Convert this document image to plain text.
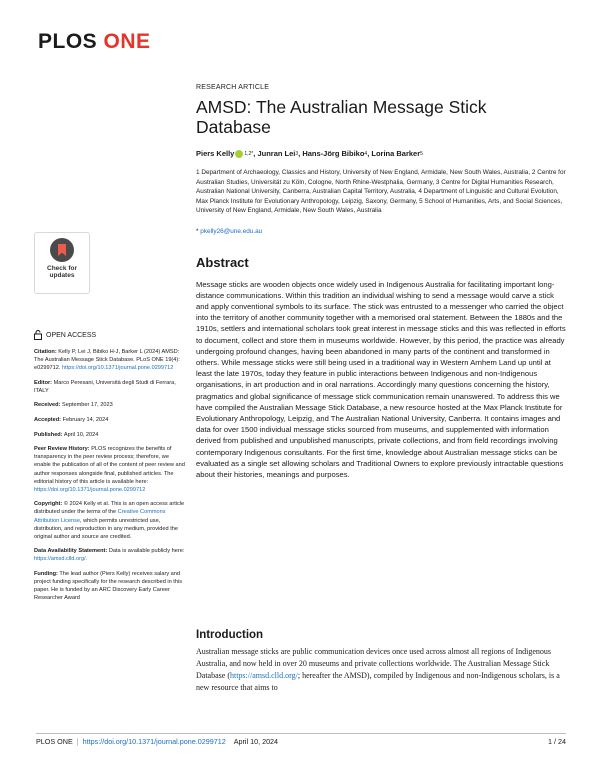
PLOS ONE
RESEARCH ARTICLE
AMSD: The Australian Message Stick Database
Piers Kelly 1,2* , Junran Lei 3 , Hans-Jörg Bibiko 4 , Lorina Barker 5
1 Department of Archaeology, Classics and History, University of New England, Armidale, New South Wales, Australia, 2 Centre for Australian Studies, Universität zu Köln, Cologne, North Rhine-Westphalia, Germany, 3 Centre for Digital Humanities Research, Australian National University, Canberra, Australian Capital Territory, Australia, 4 Department of Linguistic and Cultural Evolution, Max Planck Institute for Evolutionary Anthropology, Leipzig, Saxony, Germany, 5 School of Humanities, Arts, and Social Sciences, University of New England, Armidale, New South Wales, Australia
* pkelly26@une.edu.au
Abstract

Message sticks are wooden objects once widely used in Indigenous Australia for facilitating important long-distance communications. Within this tradition an individual wishing to send a message would carve a stick and apply conventional symbols to its surface. The stick was entrusted to a messenger who carried the object into the territory of another community together with a memorised oral statement. Between the 1880s and the 1910s, settlers and international scholars took great interest in message sticks and this was reflected in efforts to document, collect and store them in museums worldwide. However, by this period, the practice was already undergoing profound changes, having been abandoned in many parts of the continent and transformed in others. While message sticks were still being used in a traditional way in Western Arnhem Land up until at least the late 1970s, today they feature in public interactions between Indigenous and non-Indigenous organisations, in art production and in oral narrations. Accordingly many questions concerning the history, pragmatics and global significance of message stick communication remain unanswered. To address this we have compiled the Australian Message Stick Database, a new resource hosted at the Max Planck Institute for Evolutionary Anthropology, Leipzig, and The Australian National University, Canberra. It contains images and data for over 1500 individual message sticks sourced from museums, and supplemented with information derived from published and unpublished manuscripts, private collections, and from field recordings involving contemporary Indigenous consultants. For the first time, knowledge about Australian message sticks can be evaluated as a single set allowing scholars and Traditional Owners to explore previously intractable questions about their histories, meanings and purposes.

Introduction

Australian message sticks are public communication devices once used across almost all regions of Indigenous Australia, and now held in over 20 museums and private collections worldwide. The Australian Message Stick Database (https://amsd.clld.org/; hereafter the AMSD), compiled by Indigenous and non-Indigenous scholars, is a new resource that aims to

Check for
updates
OPEN ACCESS
Citation: Kelly P, Lei J, Bibiko H-J, Barker L (2024) AMSD: The Australian Message Stick Database. PLoS ONE 19(4): e0299712. https://doi.org/10.1371/journal.pone.0299712
Editor: Marco Peresani, Università degli Studi di Ferrara, ITALY
Received: September 17, 2023
Accepted: February 14, 2024
Published: April 10, 2024
Peer Review History: PLOS recognizes the benefits of transparency in the peer review process; therefore, we enable the publication of all of the content of peer review and author responses alongside final, published articles. The editorial history of this article is available here: https://doi.org/10.1371/journal.pone.0299712
Copyright: © 2024 Kelly et al. This is an open access article distributed under the terms of the Creative Commons Attribution License, which permits unrestricted use, distribution, and reproduction in any medium, provided the original author and source are credited.
Data Availability Statement: Data is available publicly here: https://amsd.clld.org/.
Funding: The lead author (Piers Kelly) receives salary and project funding specifically for the research described in this paper. He is funded by an ARC Discovery Early Career Researcher Award
PLOS ONE | https://doi.org/10.1371/journal.pone.0299712 April 10, 2024	1 / 24
